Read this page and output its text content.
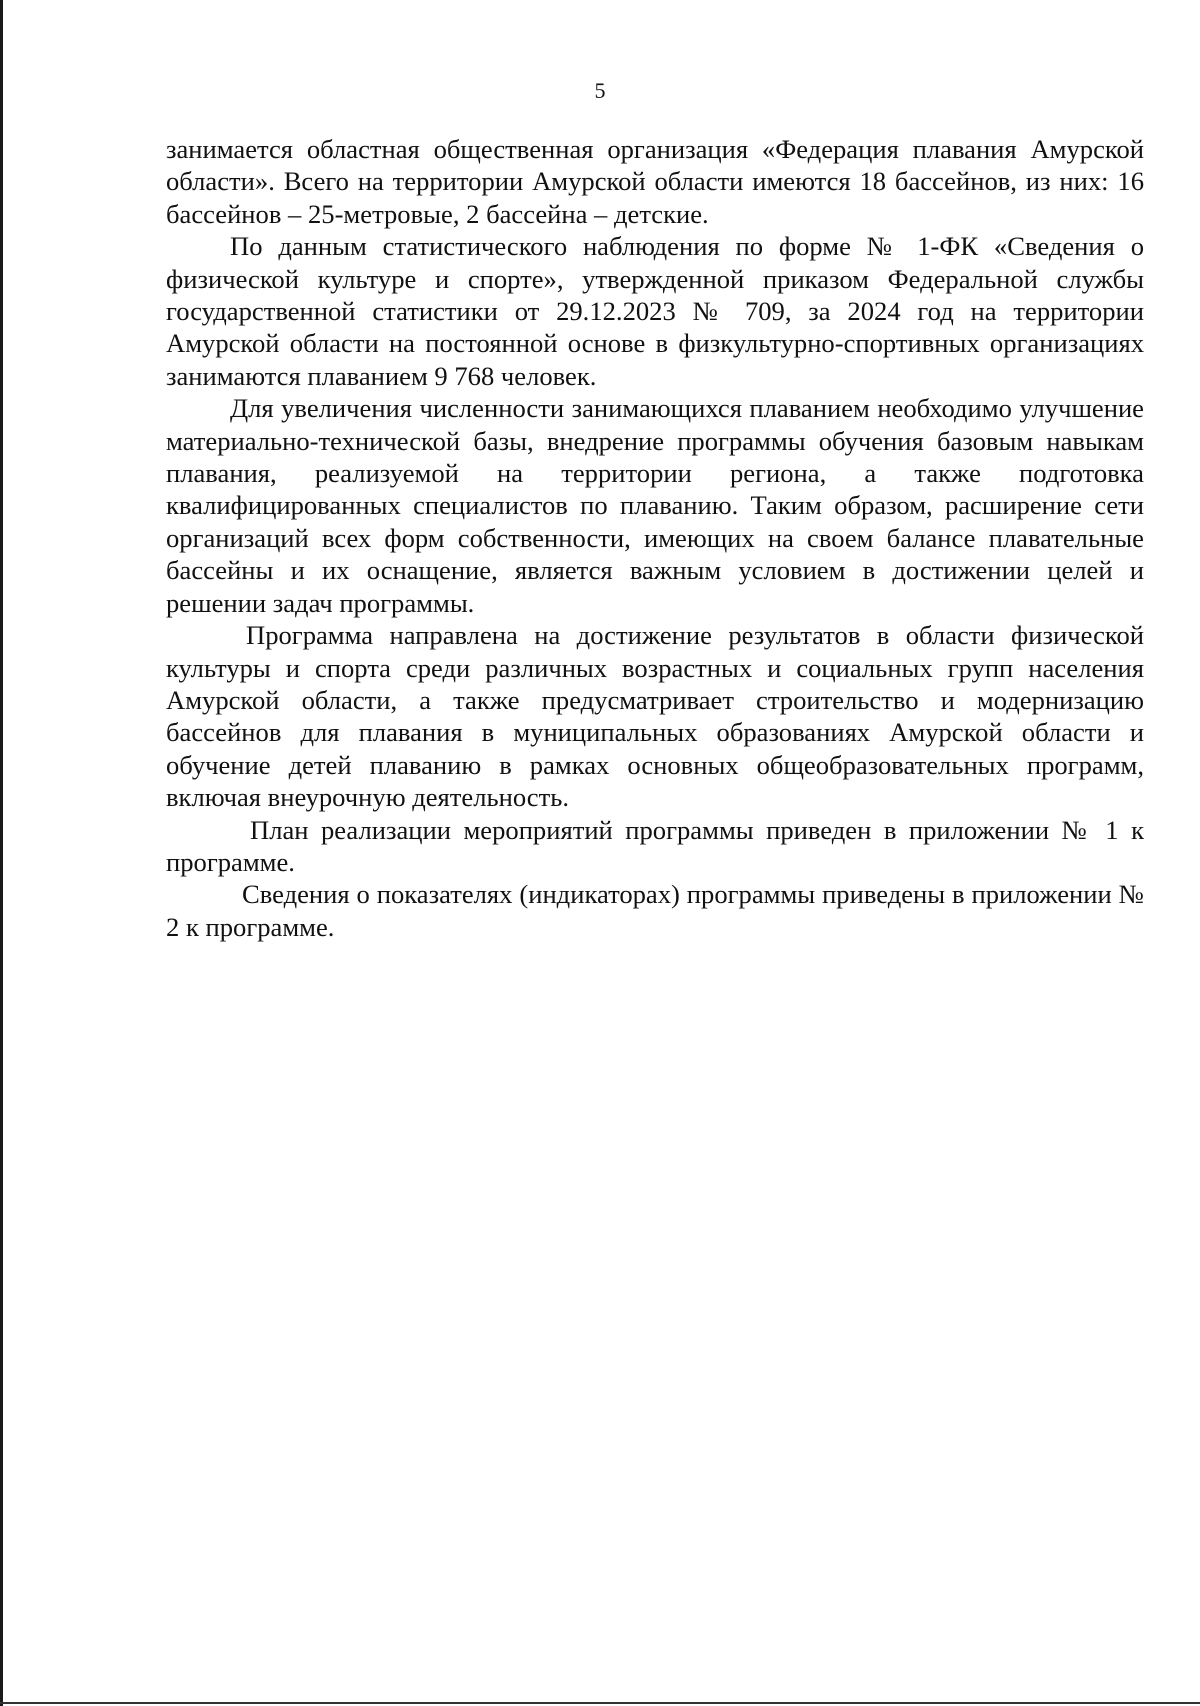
5

занимается областная общественная организация «Федерация плавания Амурской области». Всего на территории Амурской области имеются 18 бассейнов, из них: 16 бассейнов – 25-метровые, 2 бассейна – детские.

По данным статистического наблюдения по форме № 1-ФК «Сведения о физической культуре и спорте», утвержденной приказом Федеральной службы государственной статистики от 29.12.2023 № 709, за 2024 год на территории Амурской области на постоянной основе в физкультурно-спортивных организациях занимаются плаванием 9 768 человек.

Для увеличения численности занимающихся плаванием необходимо улучшение материально-технической базы, внедрение программы обучения базовым навыкам плавания, реализуемой на территории региона, а также подготовка квалифицированных специалистов по плаванию. Таким образом, расширение сети организаций всех форм собственности, имеющих на своем балансе плавательные бассейны и их оснащение, является важным условием в достижении целей и решении задач программы.

Программа направлена на достижение результатов в области физической культуры и спорта среди различных возрастных и социальных групп населения Амурской области, а также предусматривает строительство и модернизацию бассейнов для плавания в муниципальных образованиях Амурской области и обучение детей плаванию в рамках основных общеобразовательных программ, включая внеурочную деятельность.

План реализации мероприятий программы приведен в приложении № 1 к программе.

Сведения о показателях (индикаторах) программы приведены в приложении № 2 к программе.
